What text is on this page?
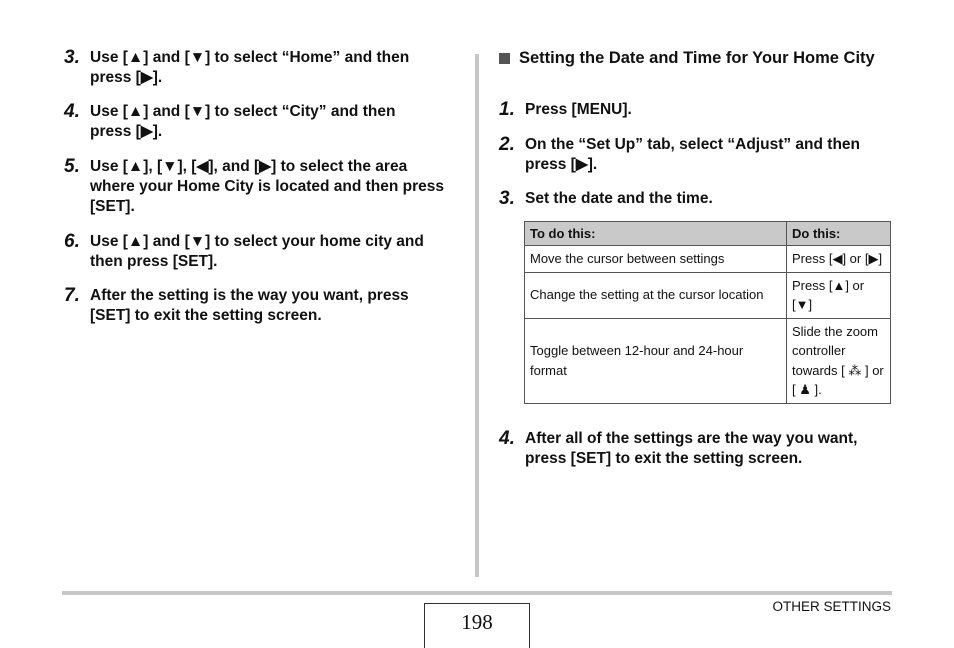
3. Use [▲] and [▼] to select “Home” and then press [▶].
4. Use [▲] and [▼] to select “City” and then press [▶].
5. Use [▲], [▼], [◀], and [▶] to select the area where your Home City is located and then press [SET].
6. Use [▲] and [▼] to select your home city and then press [SET].
7. After the setting is the way you want, press [SET] to exit the setting screen.
Setting the Date and Time for Your Home City
1. Press [MENU].
2. On the “Set Up” tab, select “Adjust” and then press [▶].
3. Set the date and the time.
To do this:	Do this:
Move the cursor between settings	Press [◀] or [▶]
Change the setting at the cursor location	Press [▲] or [▼]
Toggle between 12-hour and 24-hour format	Slide the zoom controller towards [ ⁂ ] or [ ♟ ].
4. After all of the settings are the way you want, press [SET] to exit the setting screen.
198
OTHER SETTINGS
